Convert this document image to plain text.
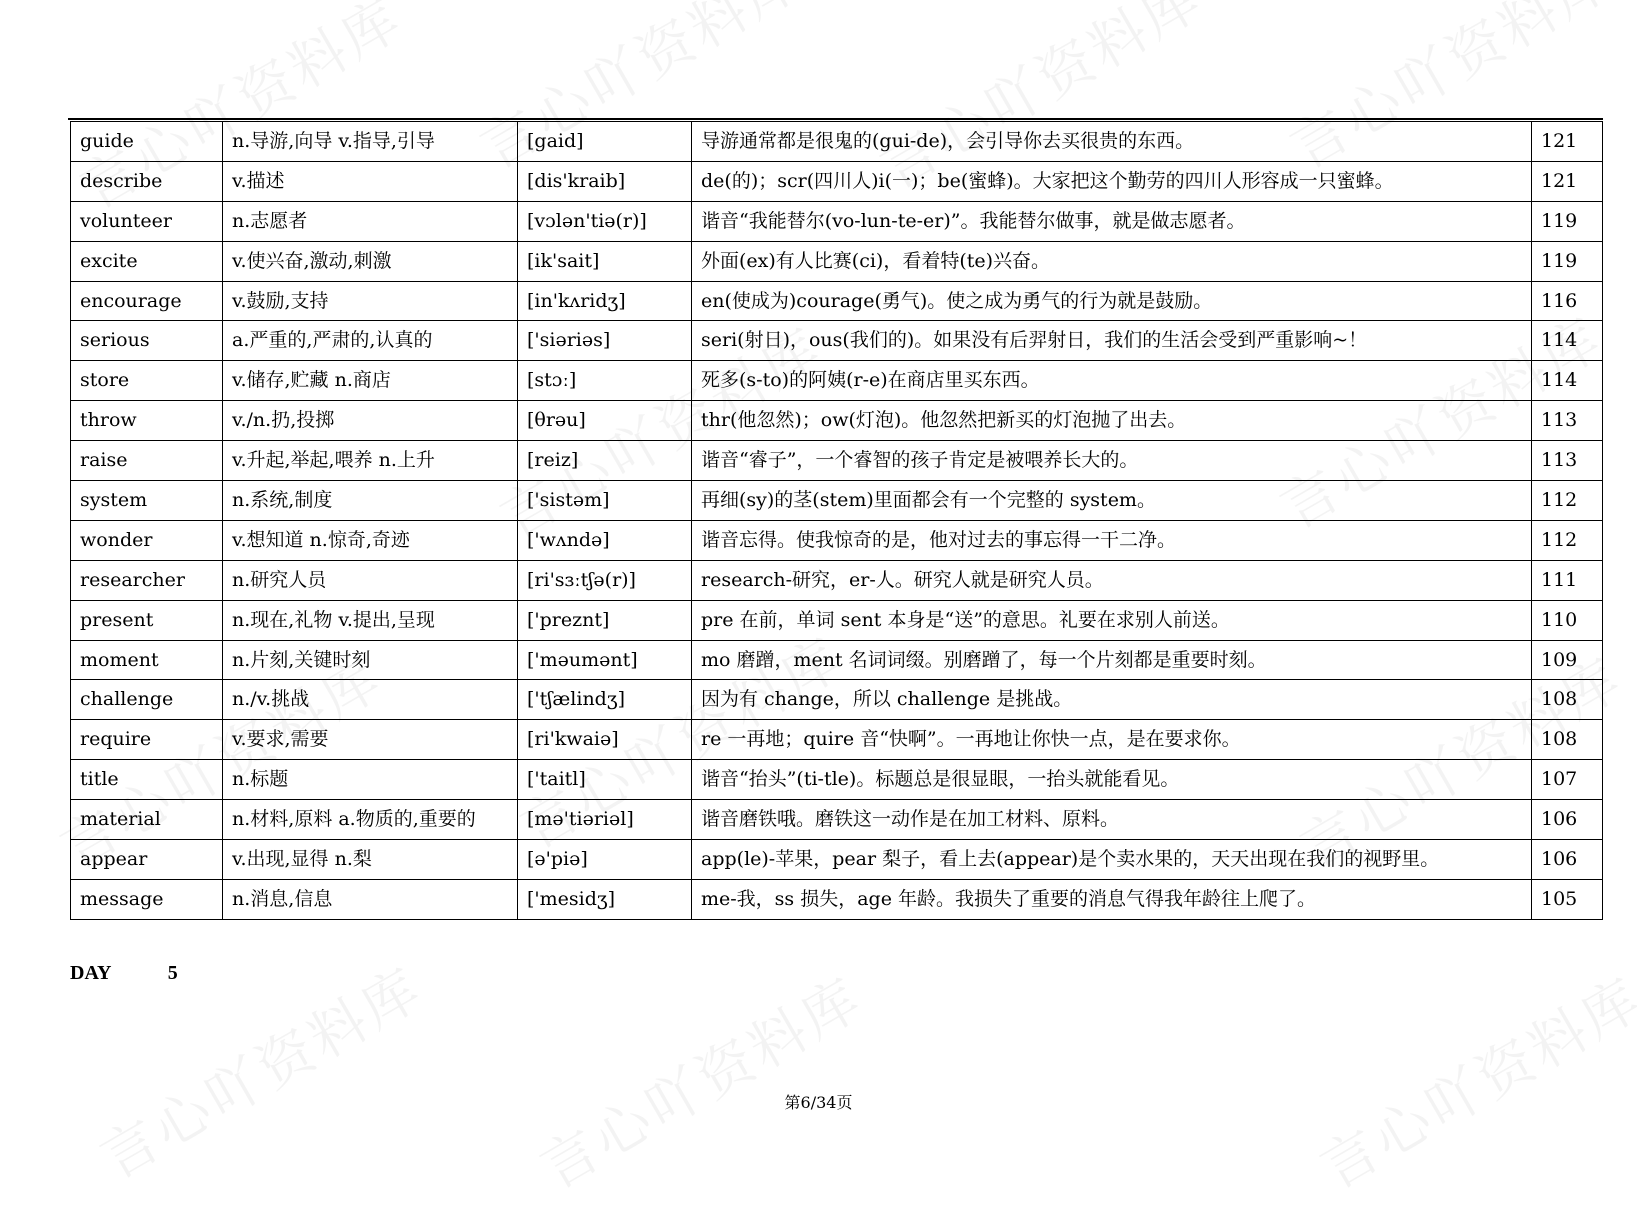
guide	n.导游,向导 v.指导,引导	[gaid]	导游通常都是很鬼的(gui-de)，会引导你去买很贵的东西。	121
describe	v.描述	[dis'kraib]	de(的)；scr(四川人)i(一)；be(蜜蜂)。大家把这个勤劳的四川人形容成一只蜜蜂。	121
volunteer	n.志愿者	[vɔlən'tiə(r)]	谐音“我能替尔(vo-lun-te-er)”。我能替尔做事，就是做志愿者。	119
excite	v.使兴奋,激动,刺激	[ik'sait]	外面(ex)有人比赛(ci)，看着特(te)兴奋。	119
encourage	v.鼓励,支持	[in'kʌridʒ]	en(使成为)courage(勇气)。使之成为勇气的行为就是鼓励。	116
serious	a.严重的,严肃的,认真的	['siəriəs]	seri(射日)，ous(我们的)。如果没有后羿射日，我们的生活会受到严重影响~！	114
store	v.储存,贮藏 n.商店	[stɔː]	死多(s-to)的阿姨(r-e)在商店里买东西。	114
throw	v./n.扔,投掷	[θrəu]	thr(他忽然)；ow(灯泡)。他忽然把新买的灯泡抛了出去。	113
raise	v.升起,举起,喂养 n.上升	[reiz]	谐音“睿子”，一个睿智的孩子肯定是被喂养长大的。	113
system	n.系统,制度	['sistəm]	再细(sy)的茎(stem)里面都会有一个完整的 system。	112
wonder	v.想知道 n.惊奇,奇迹	['wʌndə]	谐音忘得。使我惊奇的是，他对过去的事忘得一干二净。	112
researcher	n.研究人员	[ri'sɜːtʃə(r)]	research-研究，er-人。研究人就是研究人员。	111
present	n.现在,礼物 v.提出,呈现	['preznt]	pre 在前，单词 sent 本身是“送”的意思。礼要在求别人前送。	110
moment	n.片刻,关键时刻	['məumənt]	mo 磨蹭，ment 名词词缀。别磨蹭了，每一个片刻都是重要时刻。	109
challenge	n./v.挑战	['tʃælindʒ]	因为有 change，所以 challenge 是挑战。	108
require	v.要求,需要	[ri'kwaiə]	re 一再地；quire 音“快啊”。一再地让你快一点，是在要求你。	108
title	n.标题	['taitl]	谐音“抬头”(ti-tle)。标题总是很显眼，一抬头就能看见。	107
material	n.材料,原料 a.物质的,重要的	[mə'tiəriəl]	谐音磨铁哦。磨铁这一动作是在加工材料、原料。	106
appear	v.出现,显得 n.梨	[ə'piə]	app(le)-苹果，pear 梨子，看上去(appear)是个卖水果的，天天出现在我们的视野里。	106
message	n.消息,信息	['mesidʒ]	me-我，ss 损失，age 年龄。我损失了重要的消息气得我年龄往上爬了。	105
DAY   5
第6/34页
